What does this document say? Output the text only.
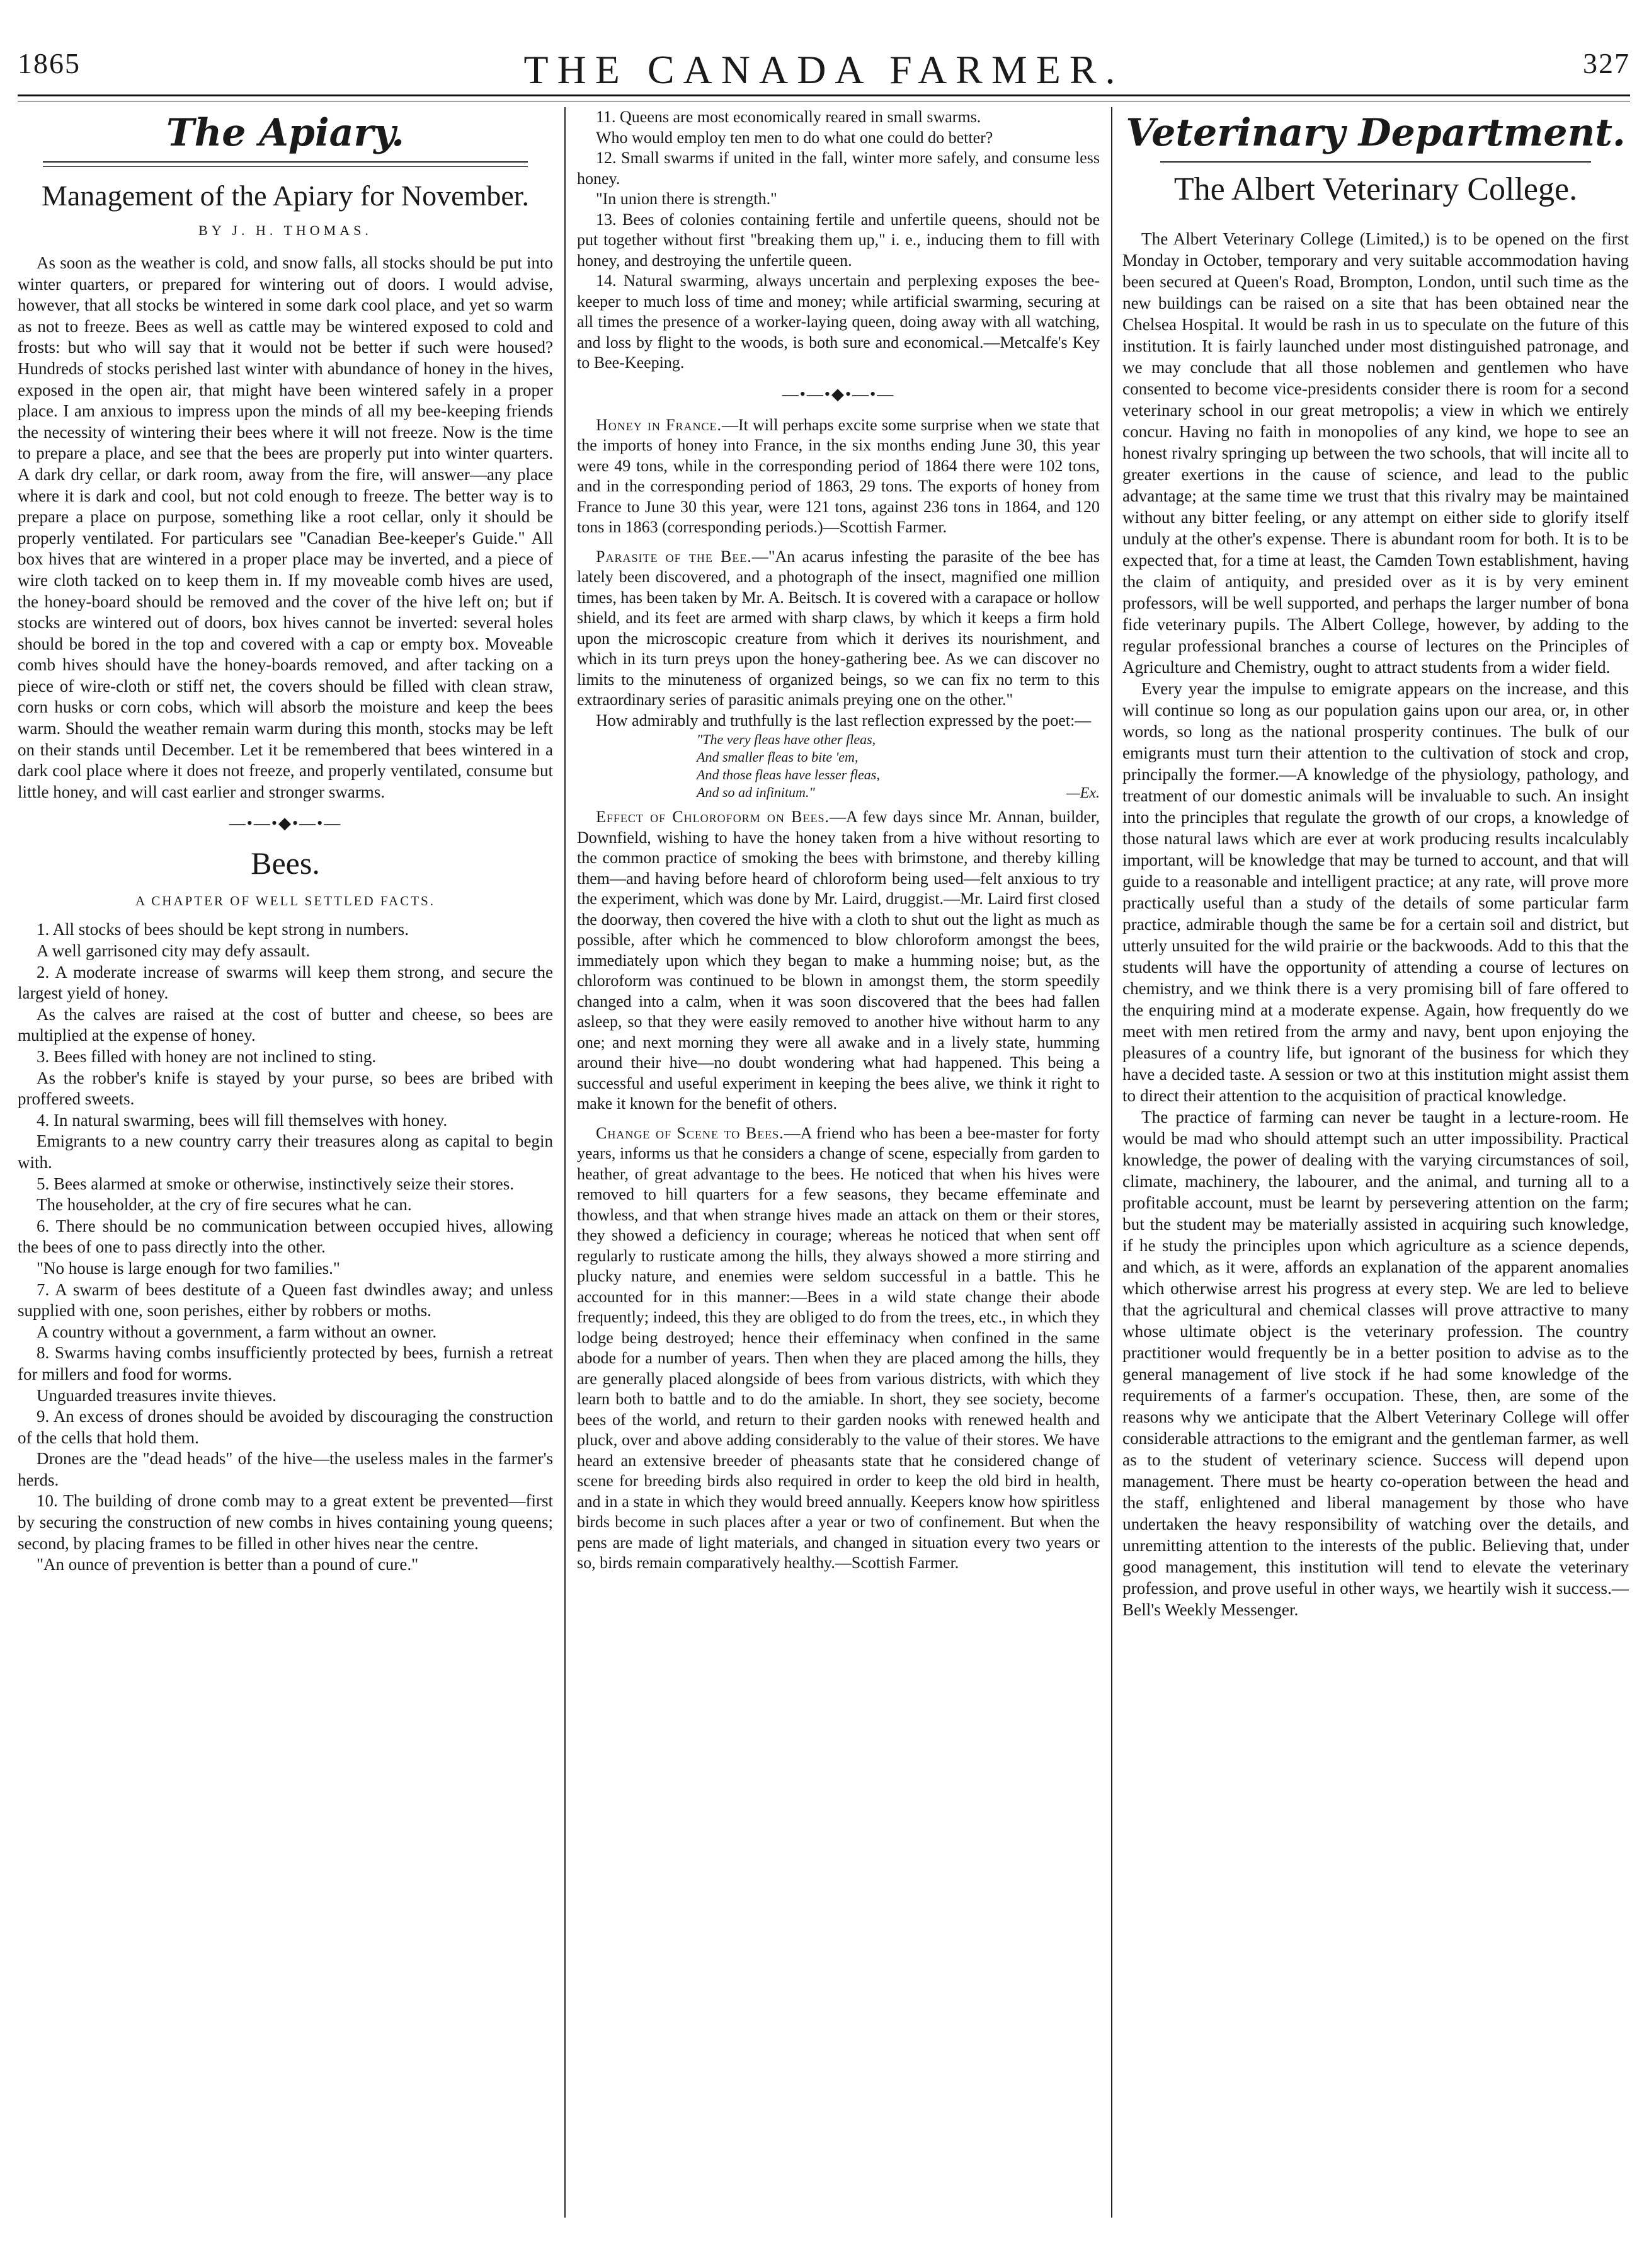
1865	THE CANADA FARMER.	327
The Apiary.
Management of the Apiary for November.
BY J. H. THOMAS.

As soon as the weather is cold, and snow falls, all stocks should be put into winter quarters, or prepared for wintering out of doors. I would advise, however, that all stocks be wintered in some dark cool place, and yet so warm as not to freeze. Bees as well as cattle may be wintered exposed to cold and frosts: but who will say that it would not be better if such were housed? Hundreds of stocks perished last winter with abundance of honey in the hives, exposed in the open air, that might have been wintered safely in a proper place. I am anxious to impress upon the minds of all my bee-keeping friends the necessity of wintering their bees where it will not freeze. Now is the time to prepare a place, and see that the bees are properly put into winter quarters. A dark dry cellar, or dark room, away from the fire, will answer—any place where it is dark and cool, but not cold enough to freeze. The better way is to prepare a place on purpose, something like a root cellar, only it should be properly ventilated. For particulars see "Canadian Bee-keeper's Guide." All box hives that are wintered in a proper place may be inverted, and a piece of wire cloth tacked on to keep them in. If my moveable comb hives are used, the honey-board should be removed and the cover of the hive left on; but if stocks are wintered out of doors, box hives cannot be inverted: several holes should be bored in the top and covered with a cap or empty box. Moveable comb hives should have the honey-boards removed, and after tacking on a piece of wire-cloth or stiff net, the covers should be filled with clean straw, corn husks or corn cobs, which will absorb the moisture and keep the bees warm. Should the weather remain warm during this month, stocks may be left on their stands until December. Let it be remembered that bees wintered in a dark cool place where it does not freeze, and properly ventilated, consume but little honey, and will cast earlier and stronger swarms.

—•—•◆•—•—
Bees.
A CHAPTER OF WELL SETTLED FACTS.

1. All stocks of bees should be kept strong in numbers.

A well garrisoned city may defy assault.

2. A moderate increase of swarms will keep them strong, and secure the largest yield of honey.

As the calves are raised at the cost of butter and cheese, so bees are multiplied at the expense of honey.

3. Bees filled with honey are not inclined to sting.

As the robber's knife is stayed by your purse, so bees are bribed with proffered sweets.

4. In natural swarming, bees will fill themselves with honey.

Emigrants to a new country carry their treasures along as capital to begin with.

5. Bees alarmed at smoke or otherwise, instinctively seize their stores.

The householder, at the cry of fire secures what he can.

6. There should be no communication between occupied hives, allowing the bees of one to pass directly into the other.

"No house is large enough for two families."

7. A swarm of bees destitute of a Queen fast dwindles away; and unless supplied with one, soon perishes, either by robbers or moths.

A country without a government, a farm without an owner.

8. Swarms having combs insufficiently protected by bees, furnish a retreat for millers and food for worms.

Unguarded treasures invite thieves.

9. An excess of drones should be avoided by discouraging the construction of the cells that hold them.

Drones are the "dead heads" of the hive—the useless males in the farmer's herds.

10. The building of drone comb may to a great extent be prevented—first by securing the construction of new combs in hives containing young queens; second, by placing frames to be filled in other hives near the centre.

"An ounce of prevention is better than a pound of cure."

11. Queens are most economically reared in small swarms.

Who would employ ten men to do what one could do better?

12. Small swarms if united in the fall, winter more safely, and consume less honey.

"In union there is strength."

13. Bees of colonies containing fertile and unfertile queens, should not be put together without first "breaking them up," i. e., inducing them to fill with honey, and destroying the unfertile queen.

14. Natural swarming, always uncertain and perplexing exposes the bee-keeper to much loss of time and money; while artificial swarming, securing at all times the presence of a worker-laying queen, doing away with all watching, and loss by flight to the woods, is both sure and economical.—Metcalfe's Key to Bee-Keeping.

—•—•◆•—•—

Honey in France.—It will perhaps excite some surprise when we state that the imports of honey into France, in the six months ending June 30, this year were 49 tons, while in the corresponding period of 1864 there were 102 tons, and in the corresponding period of 1863, 29 tons. The exports of honey from France to June 30 this year, were 121 tons, against 236 tons in 1864, and 120 tons in 1863 (corresponding periods.)—Scottish Farmer.

Parasite of the Bee.—"An acarus infesting the parasite of the bee has lately been discovered, and a photograph of the insect, magnified one million times, has been taken by Mr. A. Beitsch. It is covered with a carapace or hollow shield, and its feet are armed with sharp claws, by which it keeps a firm hold upon the microscopic creature from which it derives its nourishment, and which in its turn preys upon the honey-gathering bee. As we can discover no limits to the minuteness of organized beings, so we can fix no term to this extraordinary series of parasitic animals preying one on the other."

How admirably and truthfully is the last reflection expressed by the poet:—

"The very fleas have other fleas,
And smaller fleas to bite 'em,
And those fleas have lesser fleas,
And so ad infinitum."	—Ex.

Effect of Chloroform on Bees.—A few days since Mr. Annan, builder, Downfield, wishing to have the honey taken from a hive without resorting to the common practice of smoking the bees with brimstone, and thereby killing them—and having before heard of chloroform being used—felt anxious to try the experiment, which was done by Mr. Laird, druggist.—Mr. Laird first closed the doorway, then covered the hive with a cloth to shut out the light as much as possible, after which he commenced to blow chloroform amongst the bees, immediately upon which they began to make a humming noise; but, as the chloroform was continued to be blown in amongst them, the storm speedily changed into a calm, when it was soon discovered that the bees had fallen asleep, so that they were easily removed to another hive without harm to any one; and next morning they were all awake and in a lively state, humming around their hive—no doubt wondering what had happened. This being a successful and useful experiment in keeping the bees alive, we think it right to make it known for the benefit of others.

Change of Scene to Bees.—A friend who has been a bee-master for forty years, informs us that he considers a change of scene, especially from garden to heather, of great advantage to the bees. He noticed that when his hives were removed to hill quarters for a few seasons, they became effeminate and thowless, and that when strange hives made an attack on them or their stores, they showed a deficiency in courage; whereas he noticed that when sent off regularly to rusticate among the hills, they always showed a more stirring and plucky nature, and enemies were seldom successful in a battle. This he accounted for in this manner:—Bees in a wild state change their abode frequently; indeed, this they are obliged to do from the trees, etc., in which they lodge being destroyed; hence their effeminacy when confined in the same abode for a number of years. Then when they are placed among the hills, they are generally placed alongside of bees from various districts, with which they learn both to battle and to do the amiable. In short, they see society, become bees of the world, and return to their garden nooks with renewed health and pluck, over and above adding considerably to the value of their stores. We have heard an extensive breeder of pheasants state that he considered change of scene for breeding birds also required in order to keep the old bird in health, and in a state in which they would breed annually. Keepers know how spiritless birds become in such places after a year or two of confinement. But when the pens are made of light materials, and changed in situation every two years or so, birds remain comparatively healthy.—Scottish Farmer.

Veterinary Department.
The Albert Veterinary College.

The Albert Veterinary College (Limited,) is to be opened on the first Monday in October, temporary and very suitable accommodation having been secured at Queen's Road, Brompton, London, until such time as the new buildings can be raised on a site that has been obtained near the Chelsea Hospital. It would be rash in us to speculate on the future of this institution. It is fairly launched under most distinguished patronage, and we may conclude that all those noblemen and gentlemen who have consented to become vice-presidents consider there is room for a second veterinary school in our great metropolis; a view in which we entirely concur. Having no faith in monopolies of any kind, we hope to see an honest rivalry springing up between the two schools, that will incite all to greater exertions in the cause of science, and lead to the public advantage; at the same time we trust that this rivalry may be maintained without any bitter feeling, or any attempt on either side to glorify itself unduly at the other's expense. There is abundant room for both. It is to be expected that, for a time at least, the Camden Town establishment, having the claim of antiquity, and presided over as it is by very eminent professors, will be well supported, and perhaps the larger number of bona fide veterinary pupils. The Albert College, however, by adding to the regular professional branches a course of lectures on the Principles of Agriculture and Chemistry, ought to attract students from a wider field.

Every year the impulse to emigrate appears on the increase, and this will continue so long as our population gains upon our area, or, in other words, so long as the national prosperity continues. The bulk of our emigrants must turn their attention to the cultivation of stock and crop, principally the former.—A knowledge of the physiology, pathology, and treatment of our domestic animals will be invaluable to such. An insight into the principles that regulate the growth of our crops, a knowledge of those natural laws which are ever at work producing results incalculably important, will be knowledge that may be turned to account, and that will guide to a reasonable and intelligent practice; at any rate, will prove more practically useful than a study of the details of some particular farm practice, admirable though the same be for a certain soil and district, but utterly unsuited for the wild prairie or the backwoods. Add to this that the students will have the opportunity of attending a course of lectures on chemistry, and we think there is a very promising bill of fare offered to the enquiring mind at a moderate expense. Again, how frequently do we meet with men retired from the army and navy, bent upon enjoying the pleasures of a country life, but ignorant of the business for which they have a decided taste. A session or two at this institution might assist them to direct their attention to the acquisition of practical knowledge.

The practice of farming can never be taught in a lecture-room. He would be mad who should attempt such an utter impossibility. Practical knowledge, the power of dealing with the varying circumstances of soil, climate, machinery, the labourer, and the animal, and turning all to a profitable account, must be learnt by persevering attention on the farm; but the student may be materially assisted in acquiring such knowledge, if he study the principles upon which agriculture as a science depends, and which, as it were, affords an explanation of the apparent anomalies which otherwise arrest his progress at every step. We are led to believe that the agricultural and chemical classes will prove attractive to many whose ultimate object is the veterinary profession. The country practitioner would frequently be in a better position to advise as to the general management of live stock if he had some knowledge of the requirements of a farmer's occupation. These, then, are some of the reasons why we anticipate that the Albert Veterinary College will offer considerable attractions to the emigrant and the gentleman farmer, as well as to the student of veterinary science. Success will depend upon management. There must be hearty co-operation between the head and the staff, enlightened and liberal management by those who have undertaken the heavy responsibility of watching over the details, and unremitting attention to the interests of the public. Believing that, under good management, this institution will tend to elevate the veterinary profession, and prove useful in other ways, we heartily wish it success.—Bell's Weekly Messenger.
